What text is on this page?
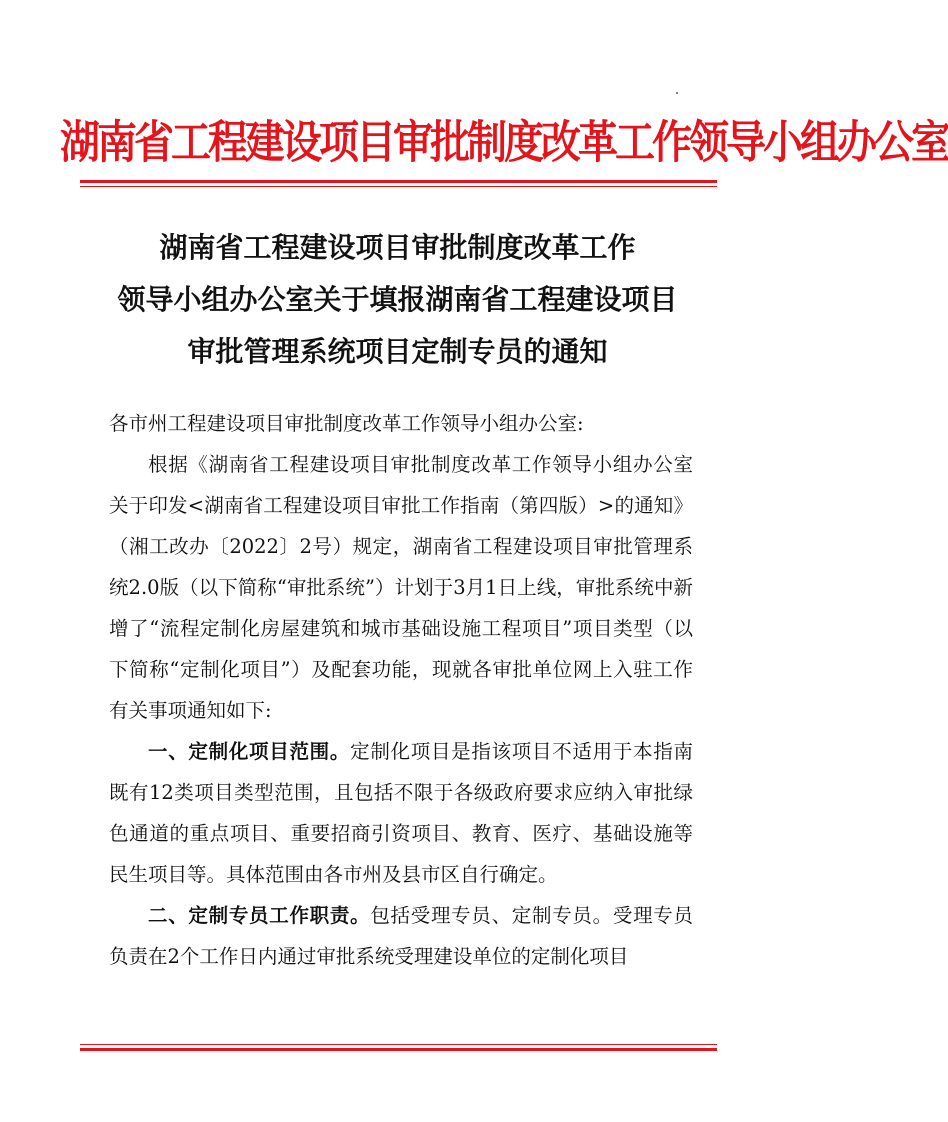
湖南省工程建设项目审批制度改革工作领导小组办公室
湖南省工程建设项目审批制度改革工作
领导小组办公室关于填报湖南省工程建设项目
审批管理系统项目定制专员的通知

各市州工程建设项目审批制度改革工作领导小组办公室:

根据《湖南省工程建设项目审批制度改革工作领导小组办公室关于印发<湖南省工程建设项目审批工作指南（第四版）>的通知》（湘工改办〔2022〕2号）规定，湖南省工程建设项目审批管理系统2.0版（以下简称“审批系统”）计划于3月1日上线，审批系统中新增了“流程定制化房屋建筑和城市基础设施工程项目”项目类型（以下简称“定制化项目”）及配套功能，现就各审批单位网上入驻工作有关事项通知如下:

一、定制化项目范围。定制化项目是指该项目不适用于本指南既有12类项目类型范围，且包括不限于各级政府要求应纳入审批绿色通道的重点项目、重要招商引资项目、教育、医疗、基础设施等民生项目等。具体范围由各市州及县市区自行确定。

二、定制专员工作职责。包括受理专员、定制专员。受理专员负责在2个工作日内通过审批系统受理建设单位的定制化项目
